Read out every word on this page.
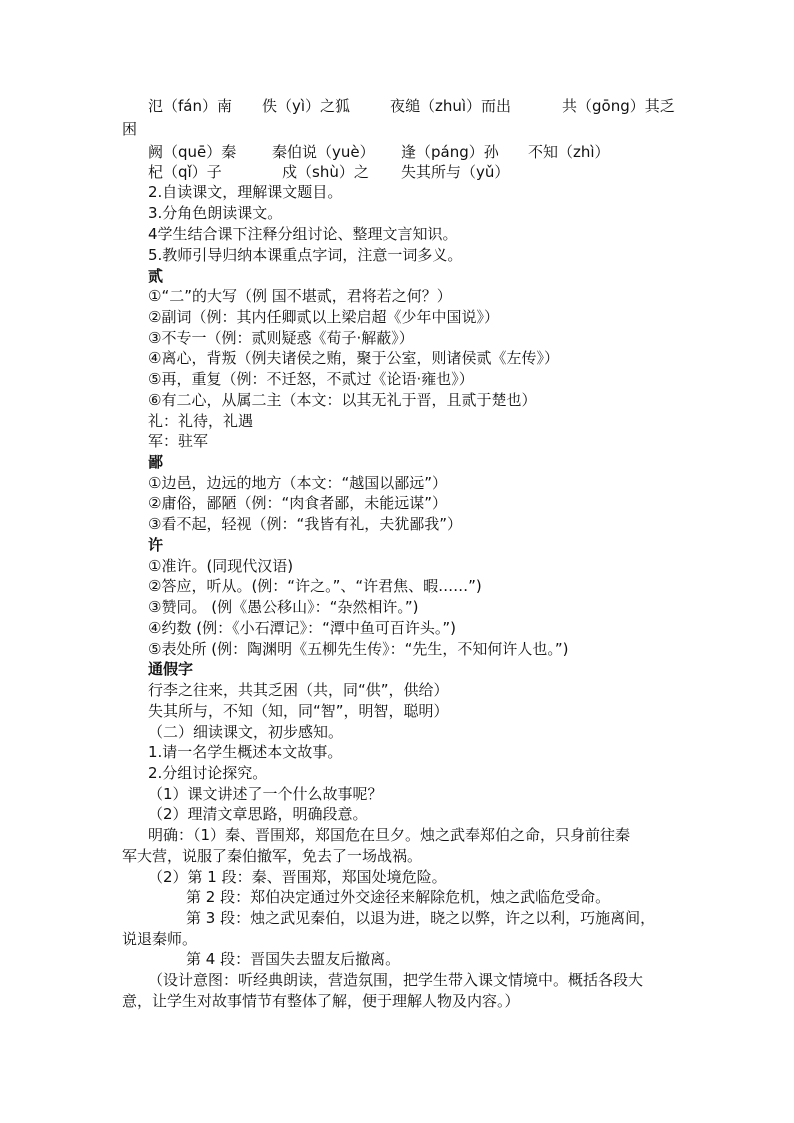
氾（fán）南 佚（yì）之狐	夜缒（zhuì）而出	共（gōng）其乏
困
阙（quē）秦 秦伯说（yuè） 逢（páng）孙 不知（zhì）
杞（qǐ）子	戍（shù）之 失其所与（yǔ）
2.自读课文，理解课文题目。
3.分角色朗读课文。
4学生结合课下注释分组讨论、整理文言知识。
5.教师引导归纳本课重点字词，注意一词多义。
贰
①“二”的大写（例 国不堪贰，君将若之何？）
②副词（例：其内任卿贰以上梁启超《少年中国说》）
③不专一（例：贰则疑惑《荀子·解蔽》）
④离心，背叛（例夫诸侯之贿，聚于公室，则诸侯贰《左传》）
⑤再，重复（例：不迁怒，不贰过《论语·雍也》）
⑥有二心，从属二主（本文：以其无礼于晋，且贰于楚也）
礼：礼待，礼遇
军：驻军
鄙
①边邑，边远的地方（本文：“越国以鄙远”）
②庸俗，鄙陋（例：“肉食者鄙，未能远谋”）
③看不起，轻视（例：“我皆有礼，夫犹鄙我”）
许
①准许。(同现代汉语)
②答应，听从。(例：“许之。”、“许君焦、暇……”)
③赞同。 (例《愚公移山》：“杂然相许。”)
④约数 (例：《小石潭记》：“潭中鱼可百许头。”)
⑤表处所 (例：陶渊明《五柳先生传》：“先生，不知何许人也。”)
通假字
行李之往来，共其乏困（共，同“供”，供给）
失其所与，不知（知，同“智”，明智，聪明）
（二）细读课文，初步感知。
1.请一名学生概述本文故事。
2.分组讨论探究。
（1）课文讲述了一个什么故事呢？
（2）理清文章思路，明确段意。
明确：（1）秦、晋围郑，郑国危在旦夕。烛之武奉郑伯之命，只身前往秦
军大营，说服了秦伯撤军，免去了一场战祸。
（2）第 1 段：秦、晋围郑，郑国处境危险。
第 2 段：郑伯决定通过外交途径来解除危机，烛之武临危受命。
第 3 段：烛之武见秦伯，以退为进，晓之以弊，许之以利，巧施离间，
说退秦师。
第 4 段：晋国失去盟友后撤离。
（设计意图：听经典朗读，营造氛围，把学生带入课文情境中。概括各段大
意，让学生对故事情节有整体了解，便于理解人物及内容。）
